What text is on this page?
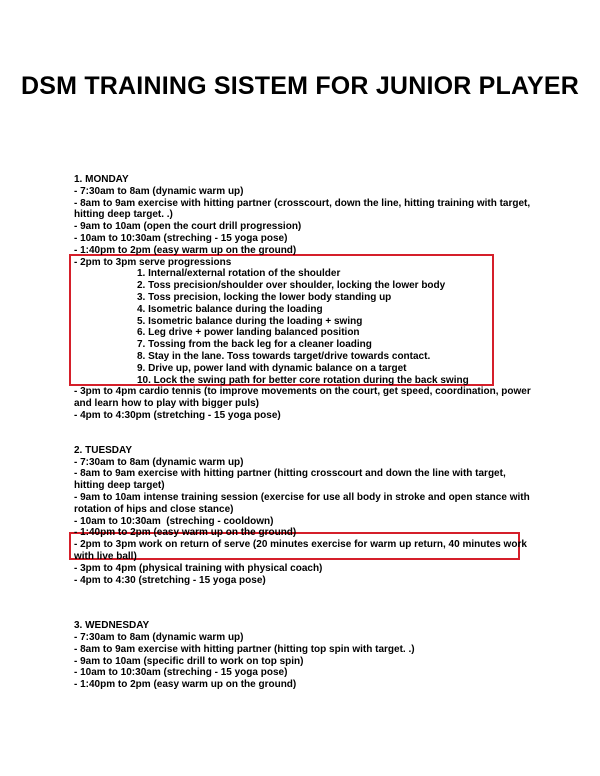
DSM TRAINING SISTEM FOR JUNIOR PLAYER
1. MONDAY
- 7:30am to 8am (dynamic warm up)
- 8am to 9am exercise with hitting partner (crosscourt, down the line, hitting training with target, hitting deep target. .)
- 9am to 10am (open the court drill progression)
- 10am to 10:30am (streching - 15 yoga pose)
- 1:40pm to 2pm (easy warm up on the ground)
- 2pm to 3pm serve progressions
1. Internal/external rotation of the shoulder
2. Toss precision/shoulder over shoulder, locking the lower body
3. Toss precision, locking the lower body standing up
4. Isometric balance during the loading
5. Isometric balance during the loading + swing
6. Leg drive + power landing balanced position
7. Tossing from the back leg for a cleaner loading
8. Stay in the lane. Toss towards target/drive towards contact.
9. Drive up, power land with dynamic balance on a target
10. Lock the swing path for better core rotation during the back swing
- 3pm to 4pm cardio tennis (to improve movements on the court, get speed, coordination, power and learn how to play with bigger puls)
- 4pm to 4:30pm (stretching - 15 yoga pose)
2. TUESDAY
- 7:30am to 8am (dynamic warm up)
- 8am to 9am exercise with hitting partner (hitting crosscourt and down the line with target, hitting deep target)
- 9am to 10am intense training session (exercise for use all body in stroke and open stance with rotation of hips and close stance)
- 10am to 10:30am  (streching - cooldown)
- 1:40pm to 2pm (easy warm up on the ground)
- 2pm to 3pm work on return of serve (20 minutes exercise for warm up return, 40 minutes work with live ball)
- 3pm to 4pm (physical training with physical coach)
- 4pm to 4:30 (stretching - 15 yoga pose)
3. WEDNESDAY
- 7:30am to 8am (dynamic warm up)
- 8am to 9am exercise with hitting partner (hitting top spin with target. .)
- 9am to 10am (specific drill to work on top spin)
- 10am to 10:30am (streching - 15 yoga pose)
- 1:40pm to 2pm (easy warm up on the ground)
